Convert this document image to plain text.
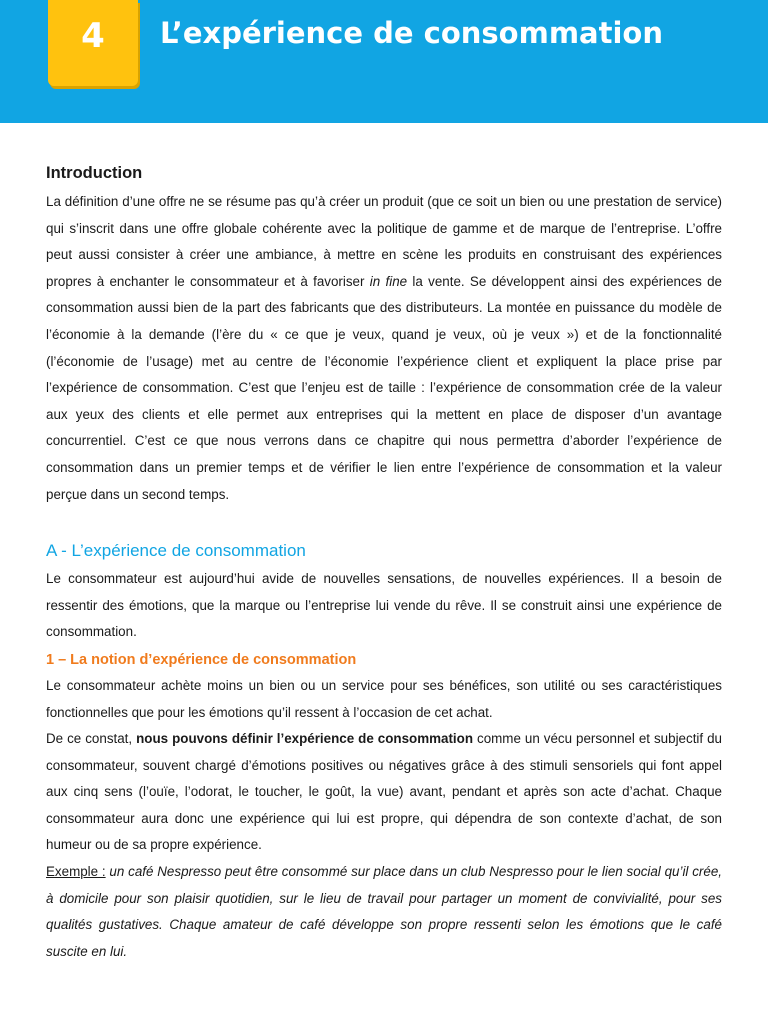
4 L’expérience de consommation
Introduction

La définition d’une offre ne se résume pas qu’à créer un produit (que ce soit un bien ou une prestation de service) qui s’inscrit dans une offre globale cohérente avec la politique de gamme et de marque de l’entreprise. L’offre peut aussi consister à créer une ambiance, à mettre en scène les produits en construisant des expériences propres à enchanter le consommateur et à favoriser in fine la vente. Se développent ainsi des expériences de consommation aussi bien de la part des fabricants que des distributeurs. La montée en puissance du modèle de l’économie à la demande (l’ère du « ce que je veux, quand je veux, où je veux ») et de la fonctionnalité (l’économie de l’usage) met au centre de l’économie l’expérience client et expliquent la place prise par l’expérience de consommation. C’est que l’enjeu est de taille : l’expérience de consommation crée de la valeur aux yeux des clients et elle permet aux entreprises qui la mettent en place de disposer d’un avantage concurrentiel. C’est ce que nous verrons dans ce chapitre qui nous permettra d’aborder l’expérience de consommation dans un premier temps et de vérifier le lien entre l’expérience de consommation et la valeur perçue dans un second temps.

A - L’expérience de consommation

Le consommateur est aujourd’hui avide de nouvelles sensations, de nouvelles expériences. Il a besoin de ressentir des émotions, que la marque ou l’entreprise lui vende du rêve. Il se construit ainsi une expérience de consommation.

1 – La notion d’expérience de consommation

Le consommateur achète moins un bien ou un service pour ses bénéfices, son utilité ou ses caractéristiques fonctionnelles que pour les émotions qu’il ressent à l’occasion de cet achat.

De ce constat, nous pouvons définir l’expérience de consommation comme un vécu personnel et subjectif du consommateur, souvent chargé d’émotions positives ou négatives grâce à des stimuli sensoriels qui font appel aux cinq sens (l’ouïe, l’odorat, le toucher, le goût, la vue) avant, pendant et après son acte d’achat. Chaque consommateur aura donc une expérience qui lui est propre, qui dépendra de son contexte d’achat, de son humeur ou de sa propre expérience.

Exemple : un café Nespresso peut être consommé sur place dans un club Nespresso pour le lien social qu’il crée, à domicile pour son plaisir quotidien, sur le lieu de travail pour partager un moment de convivialité, pour ses qualités gustatives. Chaque amateur de café développe son propre ressenti selon les émotions que le café suscite en lui.
